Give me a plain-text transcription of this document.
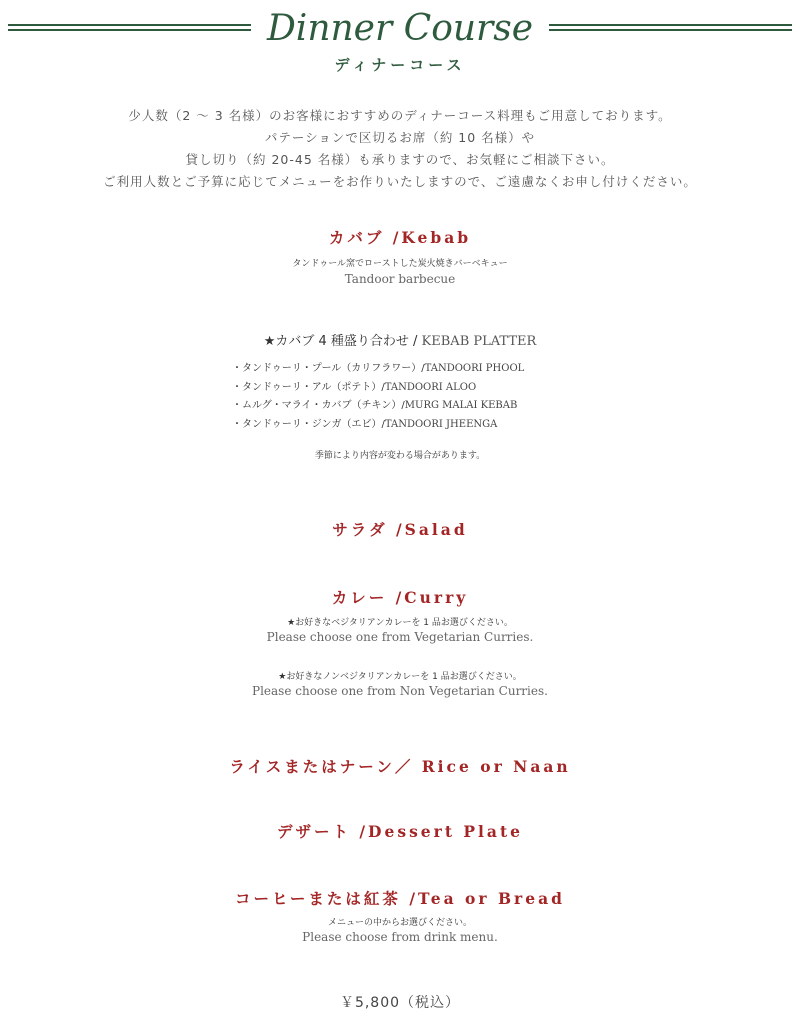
Dinner Course
ディナーコース
少人数（2 ～ 3 名様）のお客様におすすめのディナーコース料理もご用意しております。
パテーションで区切るお席（約 10 名様）や
貸し切り（約 20-45 名様）も承りますので、お気軽にご相談下さい。
ご利用人数とご予算に応じてメニューをお作りいたしますので、ご遠慮なくお申し付けください。
カバブ /Kebab
タンドゥール窯でローストした炭火焼きバーベキュー
Tandoor barbecue
★カバブ 4 種盛り合わせ / KEBAB PLATTER
・タンドゥーリ・プール（カリフラワー）/TANDOORI PHOOL
・タンドゥーリ・アル（ポテト）/TANDOORI ALOO
・ムルグ・マライ・カバブ（チキン）/MURG MALAI KEBAB
・タンドゥーリ・ジンガ（エビ）/TANDOORI JHEENGA
季節により内容が変わる場合があります。
サラダ /Salad
カレー /Curry
★お好きなベジタリアンカレーを 1 品お選びください。
Please choose one from Vegetarian Curries.
★お好きなノンベジタリアンカレーを 1 品お選びください。
Please choose one from Non Vegetarian Curries.
ライスまたはナーン／ Rice or Naan
デザート /Dessert Plate
コーヒーまたは紅茶 /Tea or Bread
メニューの中からお選びください。
Please choose from drink menu.
￥5,800（税込）
